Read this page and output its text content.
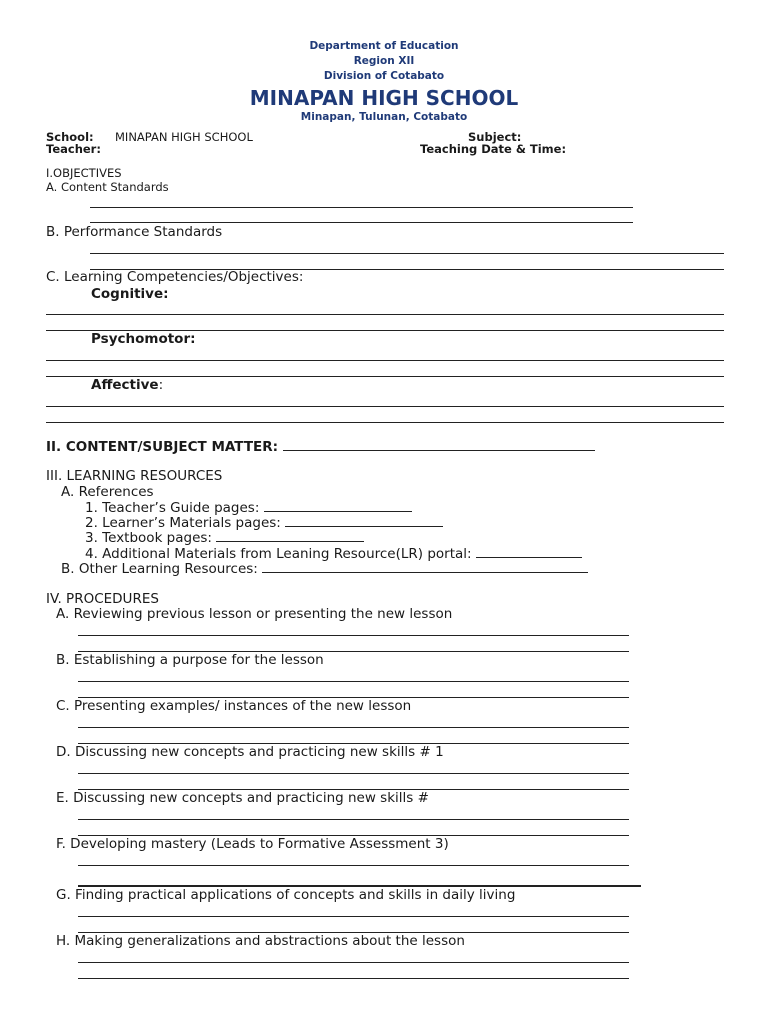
Department of Education
Region XII
Division of Cotabato
MINAPAN HIGH SCHOOL
Minapan, Tulunan, Cotabato
School: MINAPAN HIGH SCHOOL	Subject:
Teacher:	Teaching Date & Time:
I.OBJECTIVES
A. Content Standards
B. Performance Standards
C. Learning Competencies/Objectives:
Cognitive:
Psychomotor:
Affective:
II. CONTENT/SUBJECT MATTER:
III. LEARNING RESOURCES
A. References
1. Teacher’s Guide pages:
2. Learner’s Materials pages:
3. Textbook pages:
4. Additional Materials from Leaning Resource(LR) portal:
B. Other Learning Resources:
IV. PROCEDURES
A. Reviewing previous lesson or presenting the new lesson
B. Establishing a purpose for the lesson
C. Presenting examples/ instances of the new lesson
D. Discussing new concepts and practicing new skills # 1
E. Discussing new concepts and practicing new skills #
F. Developing mastery (Leads to Formative Assessment 3)
G. Finding practical applications of concepts and skills in daily living
H. Making generalizations and abstractions about the lesson
